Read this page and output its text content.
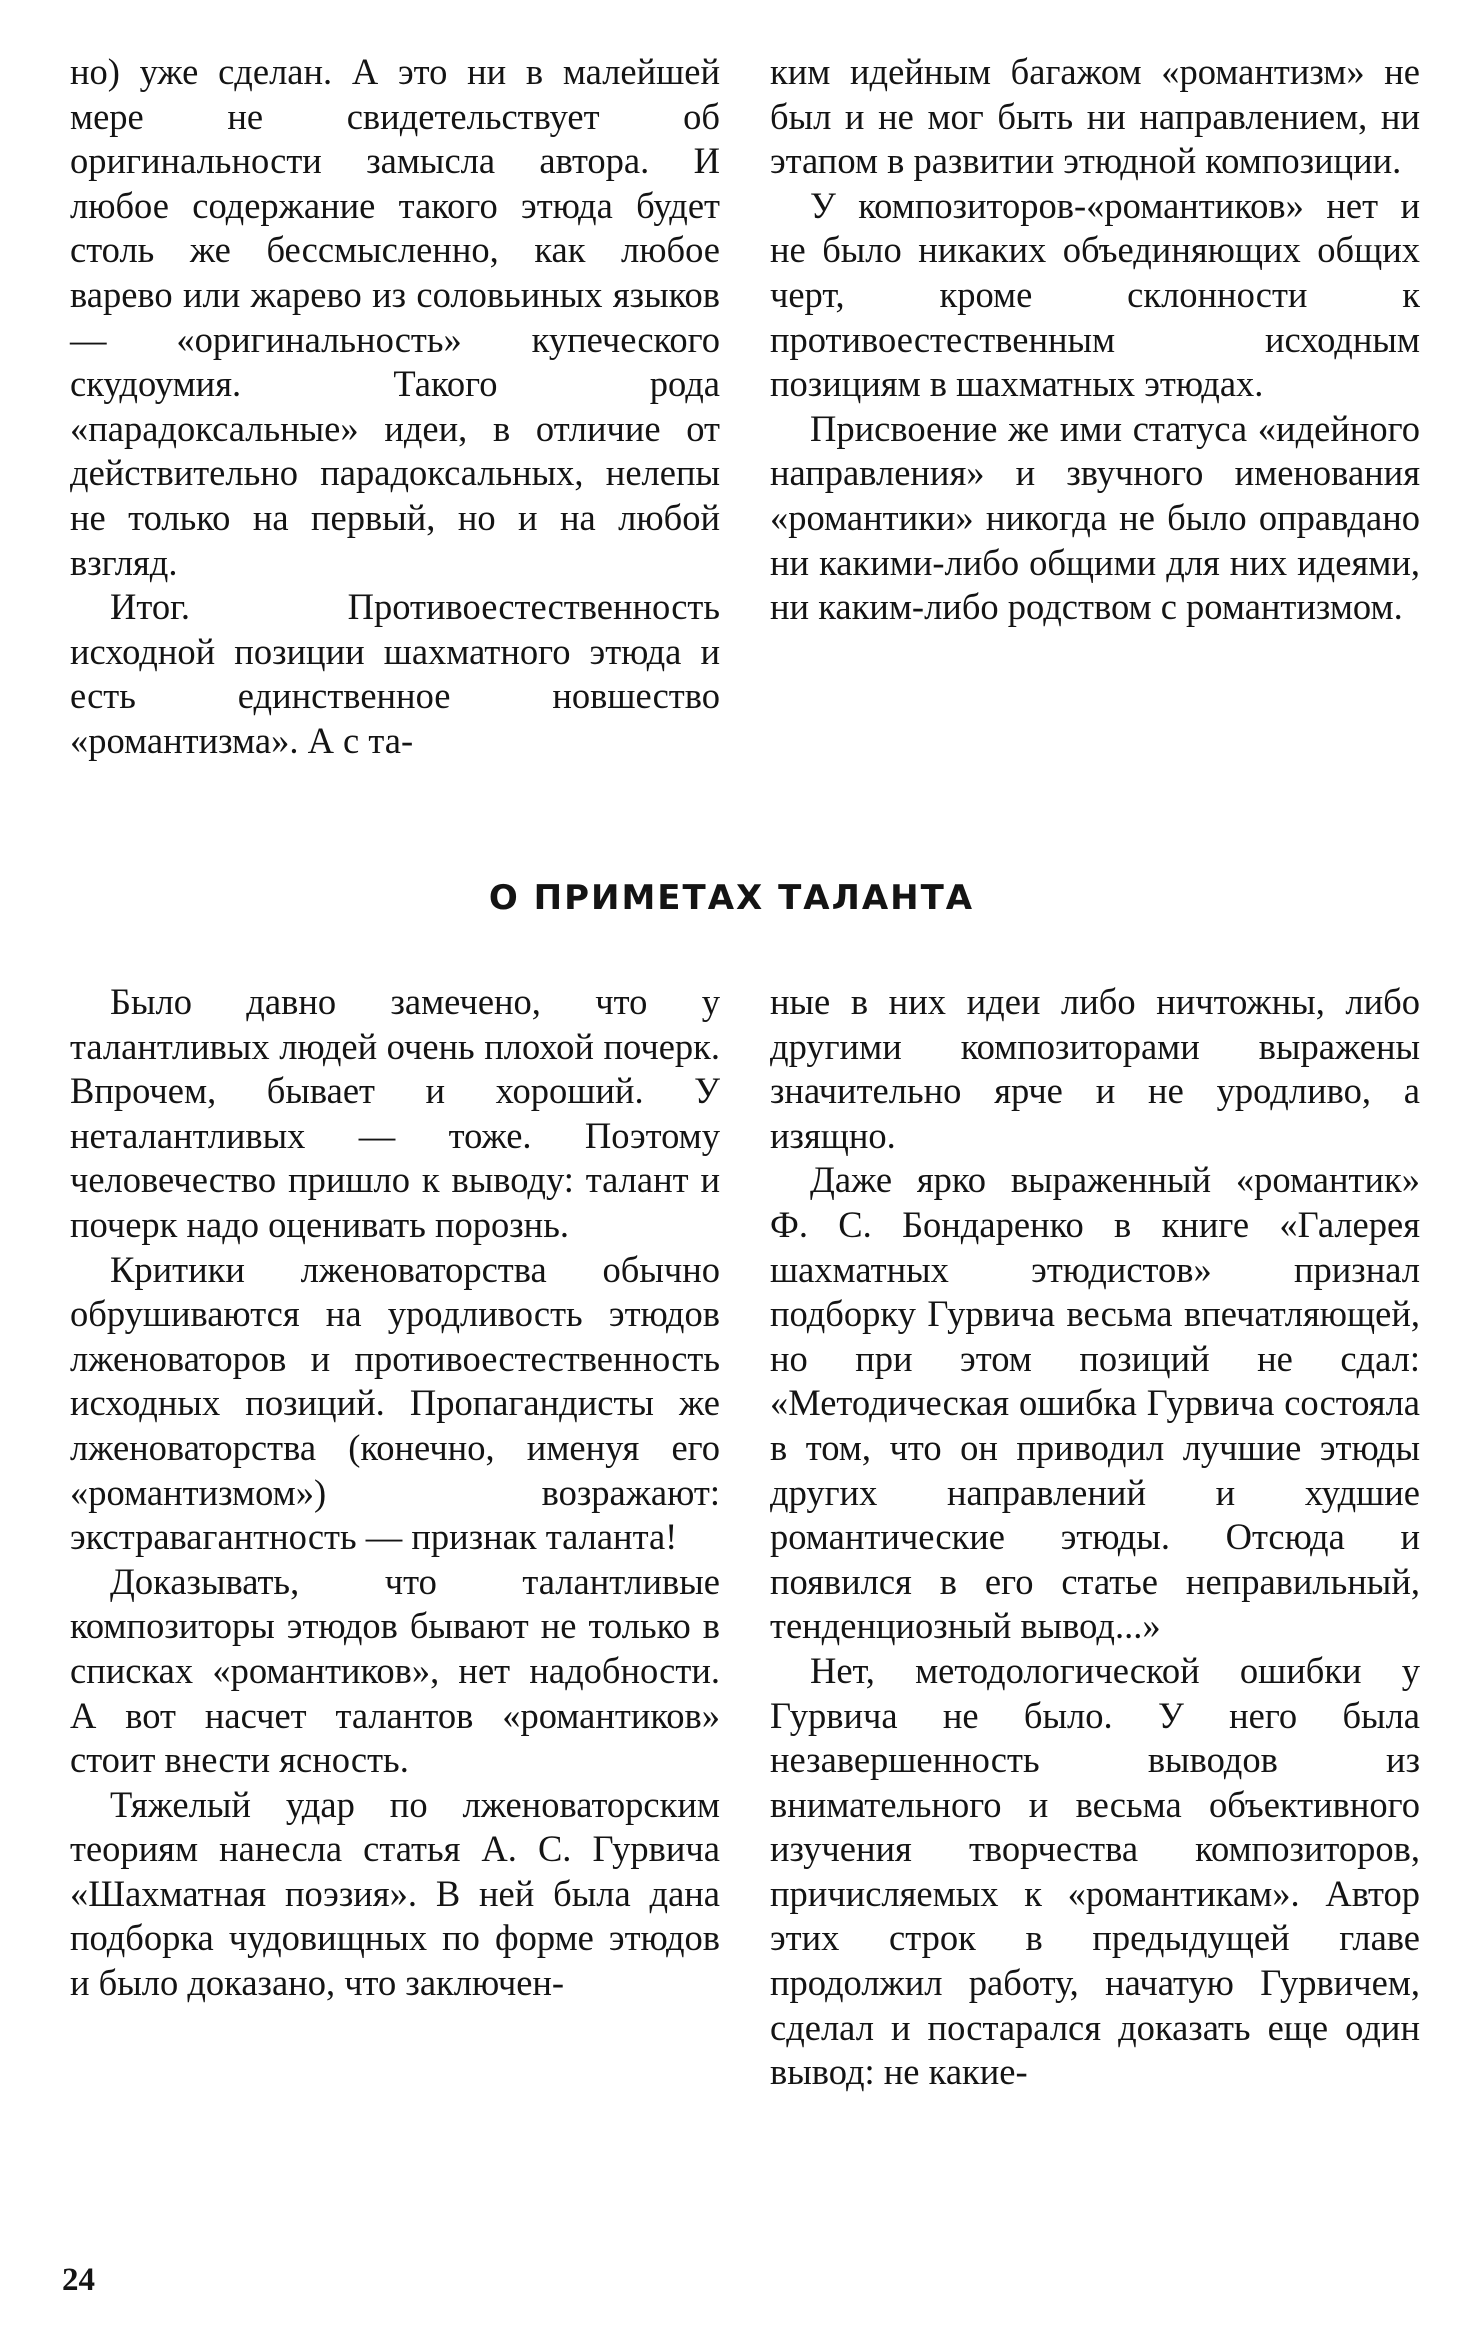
но) уже сделан. А это ни в малейшей мере не свидетельствует об оригинальности замысла автора. И любое содержание такого этюда будет столь же бессмысленно, как любое варево или жарево из соловьиных языков — «оригинальность» купеческого скудоумия. Такого рода «парадоксальные» идеи, в отличие от действительно парадоксальных, нелепы не только на первый, но и на любой взгляд.

Итог. Противоестественность исходной позиции шахматного этюда и есть единственное новшество «романтизма». А с та-

ким идейным багажом «романтизм» не был и не мог быть ни направлением, ни этапом в развитии этюдной композиции.

У композиторов-«романтиков» нет и не было никаких объединяющих общих черт, кроме склонности к противоестественным исходным позициям в шахматных этюдах.

Присвоение же ими статуса «идейного направления» и звучного именования «романтики» никогда не было оправдано ни какими-либо общими для них идеями, ни каким-либо родством с романтизмом.

О ПРИМЕТАХ ТАЛАНТА

Было давно замечено, что у талантливых людей очень плохой почерк. Впрочем, бывает и хороший. У неталантливых — тоже. Поэтому человечество пришло к выводу: талант и почерк надо оценивать порознь.

Критики лженоваторства обычно обрушиваются на уродливость этюдов лженоваторов и противоестественность исходных позиций. Пропагандисты же лженоваторства (конечно, именуя его «романтизмом») возражают: экстравагантность — признак таланта!

Доказывать, что талантливые композиторы этюдов бывают не только в списках «романтиков», нет надобности. А вот насчет талантов «романтиков» стоит внести ясность.

Тяжелый удар по лженоваторским теориям нанесла статья А. С. Гурвича «Шахматная поэзия». В ней была дана подборка чудовищных по форме этюдов и было доказано, что заключен-

ные в них идеи либо ничтожны, либо другими композиторами выражены значительно ярче и не уродливо, а изящно.

Даже ярко выраженный «романтик» Ф. С. Бондаренко в книге «Галерея шахматных этюдистов» признал подборку Гурвича весьма впечатляющей, но при этом позиций не сдал: «Методическая ошибка Гурвича состояла в том, что он приводил лучшие этюды других направлений и худшие романтические этюды. Отсюда и появился в его статье неправильный, тенденциозный вывод...»

Нет, методологической ошибки у Гурвича не было. У него была незавершенность выводов из внимательного и весьма объективного изучения творчества композиторов, причисляемых к «романтикам». Автор этих строк в предыдущей главе продолжил работу, начатую Гурвичем, сделал и постарался доказать еще один вывод: не какие-

24
